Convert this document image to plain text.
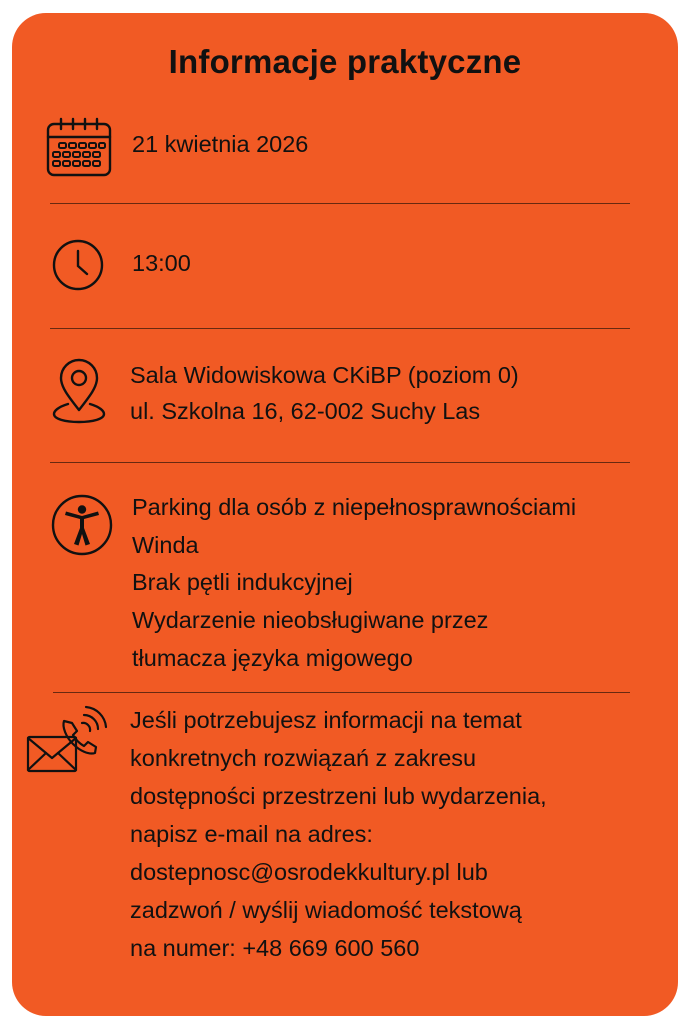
Informacje praktyczne
21 kwietnia 2026
13:00
Sala Widowiskowa CKiBP (poziom 0)
ul. Szkolna 16, 62-002 Suchy Las
Parking dla osób z niepełnosprawnościami
Winda
Brak pętli indukcyjnej
Wydarzenie nieobsługiwane przez
tłumacza języka migowego
Jeśli potrzebujesz informacji na temat
konkretnych rozwiązań z zakresu
dostępności przestrzeni lub wydarzenia,
napisz e-mail na adres:
dostepnosc@osrodekkultury.pl lub
zadzwoń / wyślij wiadomość tekstową
na numer: +48 669 600 560
